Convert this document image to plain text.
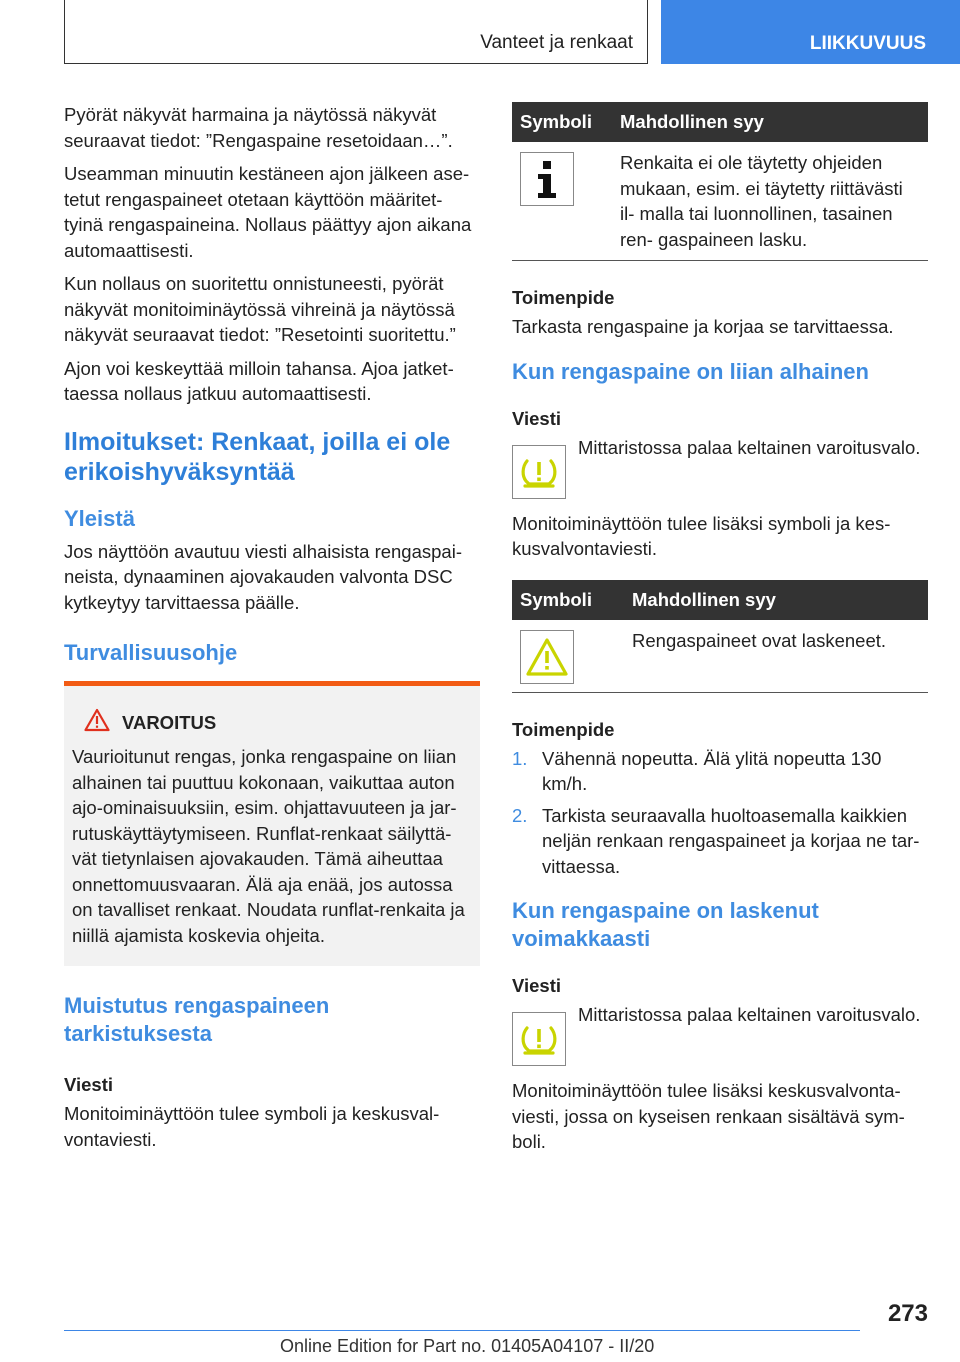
Vanteet ja renkaat	LIIKKUVUUS

Pyörät näkyvät harmaina ja näytössä näkyvät seuraavat tiedot: ”Rengaspaine resetoidaan…”.

Useamman minuutin kestäneen ajon jälkeen ase- tetut rengaspaineet otetaan käyttöön määritet- tyinä rengaspaineina. Nollaus päättyy ajon aikana automaattisesti.

Kun nollaus on suoritettu onnistuneesti, pyörät näkyvät monitoiminäytössä vihreinä ja näytössä näkyvät seuraavat tiedot: ”Resetointi suoritettu.”

Ajon voi keskeyttää milloin tahansa. Ajoa jatket- taessa nollaus jatkuu automaattisesti.

Ilmoitukset: Renkaat, joilla ei ole erikoishyväksyntää
Yleistä

Jos näyttöön avautuu viesti alhaisista rengaspai- neista, dynaaminen ajovakauden valvonta DSC kytkeytyy tarvittaessa päälle.

Turvallisuusohje
VAROITUS

Vaurioitunut rengas, jonka rengaspaine on liian alhainen tai puuttuu kokonaan, vaikuttaa auton ajo-ominaisuuksiin, esim. ohjattavuuteen ja jar- rutuskäyttäytymiseen. Runflat-renkaat säilyttä- vät tietynlaisen ajovakauden. Tämä aiheuttaa onnettomuusvaaran. Älä aja enää, jos autossa on tavalliset renkaat. Noudata runflat-renkaita ja niillä ajamista koskevia ohjeita.

Muistutus rengaspaineen tarkistuksesta
Viesti

Monitoiminäyttöön tulee symboli ja keskusval- vontaviesti.

Symboli	Mahdollinen syy

	Renkaita ei ole täytetty ohjeiden mukaan, esim. ei täytetty riittävästi il- malla tai luonnollinen, tasainen ren- gaspaineen lasku.
Toimenpide

Tarkasta rengaspaine ja korjaa se tarvittaessa.

Kun rengaspaine on liian alhainen
Viesti

Mittaristossa palaa keltainen varoitusvalo.

Monitoiminäyttöön tulee lisäksi symboli ja kes- kusvalvontaviesti.

Symboli	Mahdollinen syy

	Rengaspaineet ovat laskeneet.
Toimenpide
1. Vähennä nopeutta. Älä ylitä nopeutta 130 km/h.
2. Tarkista seuraavalla huoltoasemalla kaikkien neljän renkaan rengaspaineet ja korjaa ne tar- vittaessa.
Kun rengaspaine on laskenut voimakkaasti
Viesti

Mittaristossa palaa keltainen varoitusvalo.

Monitoiminäyttöön tulee lisäksi keskusvalvonta- viesti, jossa on kyseisen renkaan sisältävä sym- boli.

273
Online Edition for Part no. 01405A04107 - II/20
